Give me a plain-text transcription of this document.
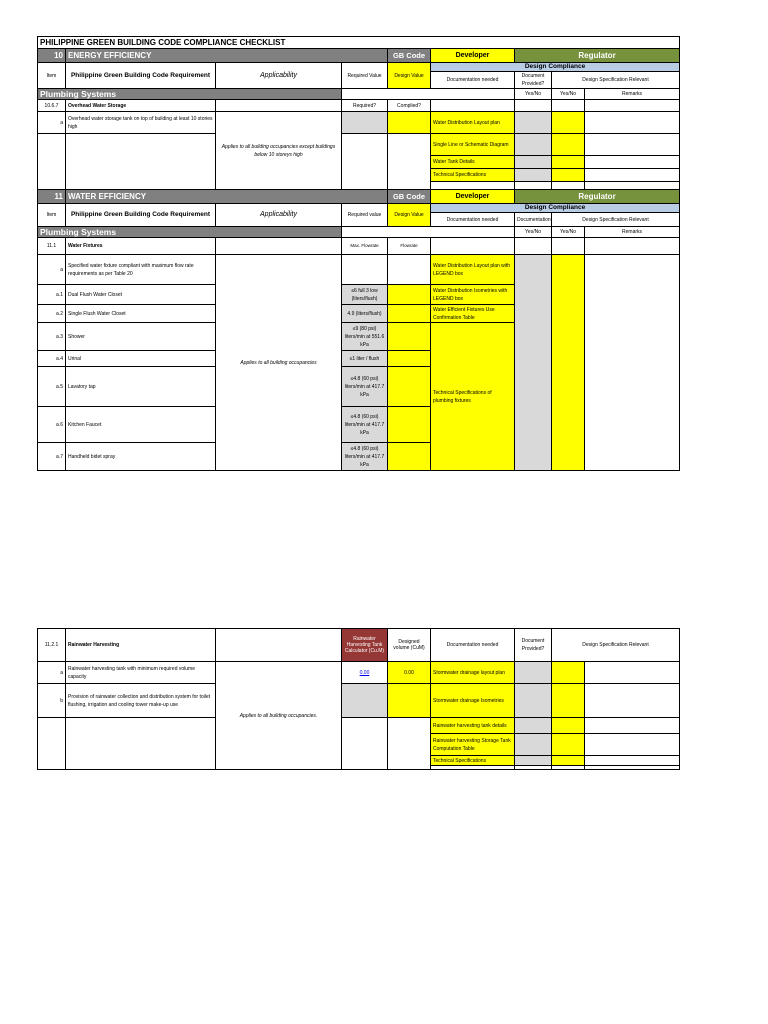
PHILIPPINE GREEN BUILDING CODE COMPLIANCE CHECKLIST								
10	ENERGY EFFICIENCY			GB Code	Developer	Regulator		
Item	Philippine Green Building Code Requirement	Applicability	Required Value	Design Value	Design Compliance			
					Documentation needed	Document Provided?	Design Specification Relevant	
Plumbing Systems						Yes/No	Yes/No	Remarks
10.6.7	Overhead Water Storage		Required?	Complied?				
a	Overhead water storage tank on top of building at least 10 stories high	Applies to all building occupancies except buildings below 10 storeys high			Water Distribution Layout plan			
					Single Line or Schematic Diagram			
					Water Tank Details			
					Technical Specifications			

11	WATER EFFICIENCY			GB Code	Developer	Regulator		
Item	Philippine Green Building Code Requirement	Applicability	Required value	Design Value	Design Compliance			
					Documentation needed	Documentation	Design Specification Relevant	
Plumbing Systems						Yes/No	Yes/No	Remarks
11.1	Water Fixtures		Max. Flowrate	Flowrate				
a	Specified water fixture compliant with maximum flow rate requirements as per Table 20	Applies to all building occupancies			Water Distribution Layout plan with LEGEND box			
a.1	Dual Flush Water Closet		≤6 full 3 low (liters/flush)		Water Distribution Isometries with LEGEND box			
a.2	Single Flush Water Closet		4.9 (liters/flush)		Water Efficient Fixtures Use Confirmation Table			
a.3	Shower		≤9 (80 psi) liters/min at 551.6 kPa		Technical Specifications of plumbing fixtures			
a.4	Urinal		≤1 liter / flush					
a.5	Lavatory tap		≤4.8 (60 psi) liters/min at 417.7 kPa					
a.6	Kitchen Faucet		≤4.8 (60 psi) liters/min at 417.7 kPa					
a.7	Handheld bidet spray		≤4.8 (60 psi) liters/min at 417.7 kPa					
11.2.1	Rainwater Harvesting		Rainwater Harvesting Tank Calculator (Cu.M)	Designed volume (CuM)	Documentation needed	Document Provided?	Design Specification Relevant	
a	Rainwater harvesting tank with minimum required volume capacity	Applies to all building occupancies.	0.00	0.00	Stormwater drainage layout plan			
b	Provision of rainwater collection and distribution system for toilet flushing, irrigation and cooling tower make-up use				Stormwater drainage Isometries			
					Rainwater harvesting tank details			
					Rainwater harvesting Storage Tank Computation Table			
					Technical Specifications			
